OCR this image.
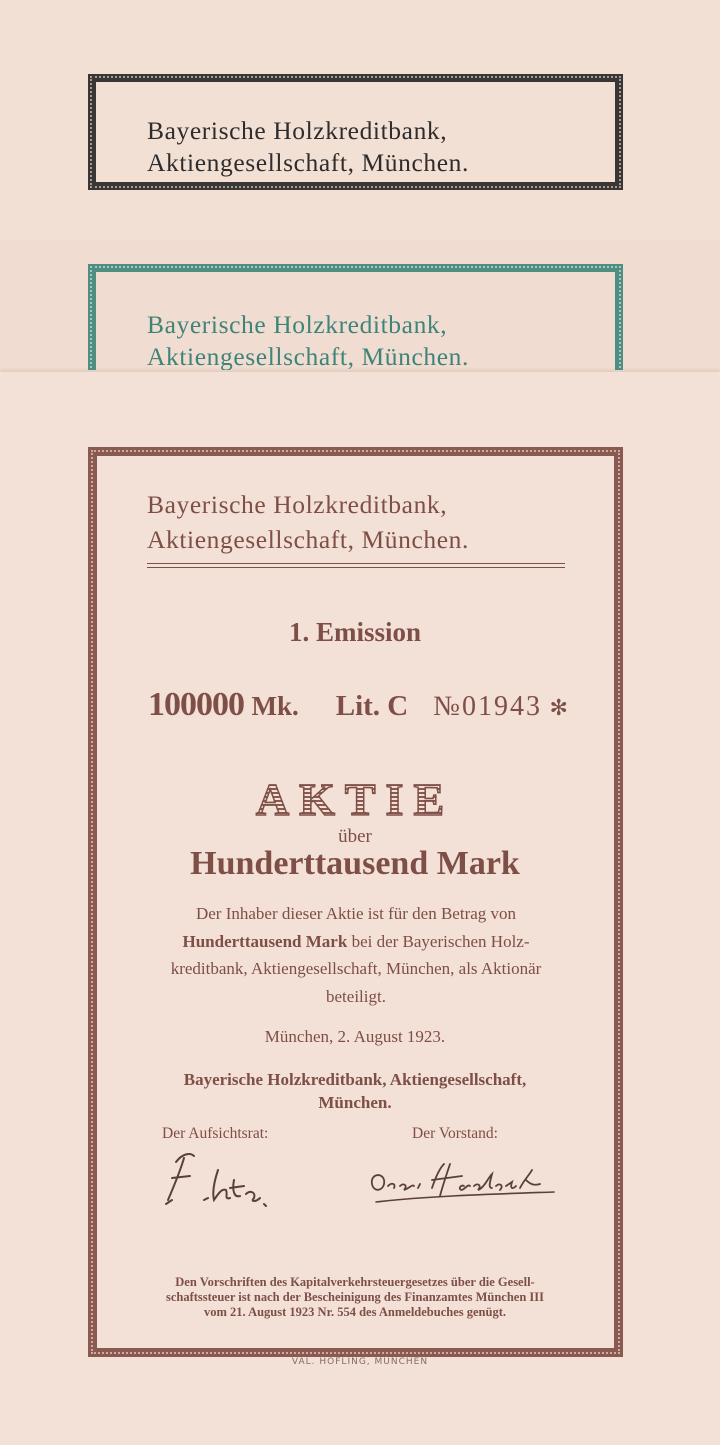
Bayerische Holzkreditbank,
Aktiengesellschaft, München.
Bayerische Holzkreditbank,
Aktiengesellschaft, München.
Bayerische Holzkreditbank,
Aktiengesellschaft, München.
1. Emission
100000 Mk. Lit. C №01943 ✻
AKTIE
über
Hunderttausend Mark
Der Inhaber dieser Aktie ist für den Betrag von
Hunderttausend Mark bei der Bayerischen Holz-
kreditbank, Aktiengesellschaft, München, als Aktionär
beteiligt.
München, 2. August 1923.
Bayerische Holzkreditbank, Aktiengesellschaft,
München.
Der Aufsichtsrat:	Der Vorstand:
Den Vorschriften des Kapitalverkehrsteuergesetzes über die Gesell-
schaftssteuer ist nach der Bescheinigung des Finanzamtes München III
vom 21. August 1923 Nr. 554 des Anmeldebuches genügt.
VAL. HÖFLING, MÜNCHEN
